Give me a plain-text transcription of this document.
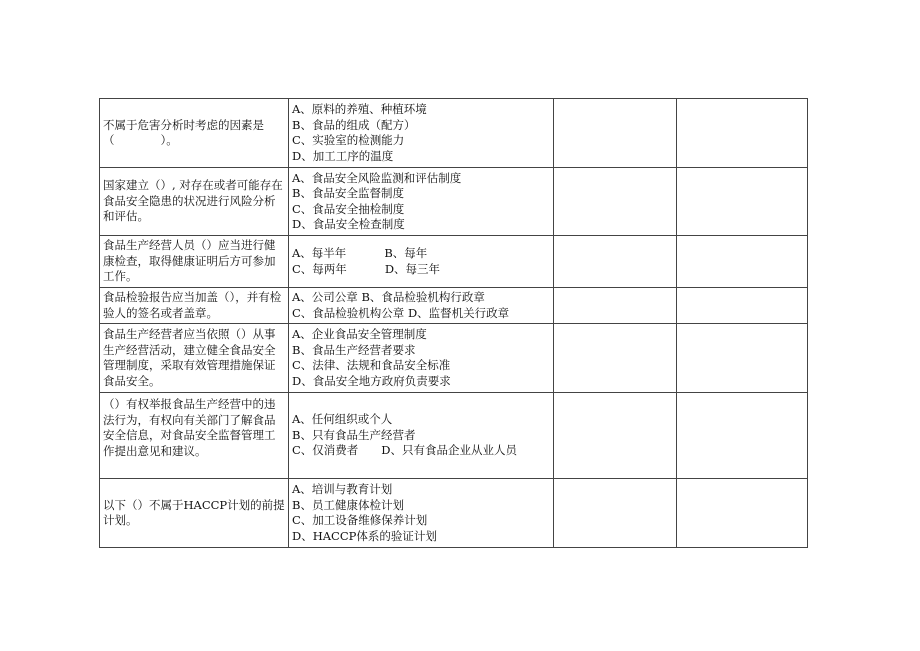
不属于危害分析时考虑的因素是（　　　　）。	A、原料的养殖、种植环境
B、食品的组成（配方）
C、实验室的检测能力
D、加工工序的温度		

国家建立（）, 对存在或者可能存在食品安全隐患的状况进行风险分析和评估。	A、食品安全风险监测和评估制度
B、食品安全监督制度
C、食品安全抽检制度
D、食品安全检查制度		

食品生产经营人员（）应当进行健康检查，取得健康证明后方可参加工作。	A、每半年 B、每年
C、每两年 D、每三年		

食品检验报告应当加盖（），并有检验人的签名或者盖章。	A、公司公章 B、食品检验机构行政章
C、食品检验机构公章 D、监督机关行政章		

食品生产经营者应当依照（）从事生产经营活动，建立健全食品安全管理制度，采取有效管理措施保证食品安全。	A、企业食品安全管理制度
B、食品生产经营者要求
C、法律、法规和食品安全标准
D、食品安全地方政府负责要求		

（）有权举报食品生产经营中的违法行为，有权向有关部门了解食品安全信息，对食品安全监督管理工作提出意见和建议。	A、任何组织或个人
B、只有食品生产经营者
C、仅消费者　　D、只有食品企业从业人员		

以下（）不属于HACCP计划的前提计划。	A、培训与教育计划
B、员工健康体检计划
C、加工设备维修保养计划
D、HACCP体系的验证计划		
